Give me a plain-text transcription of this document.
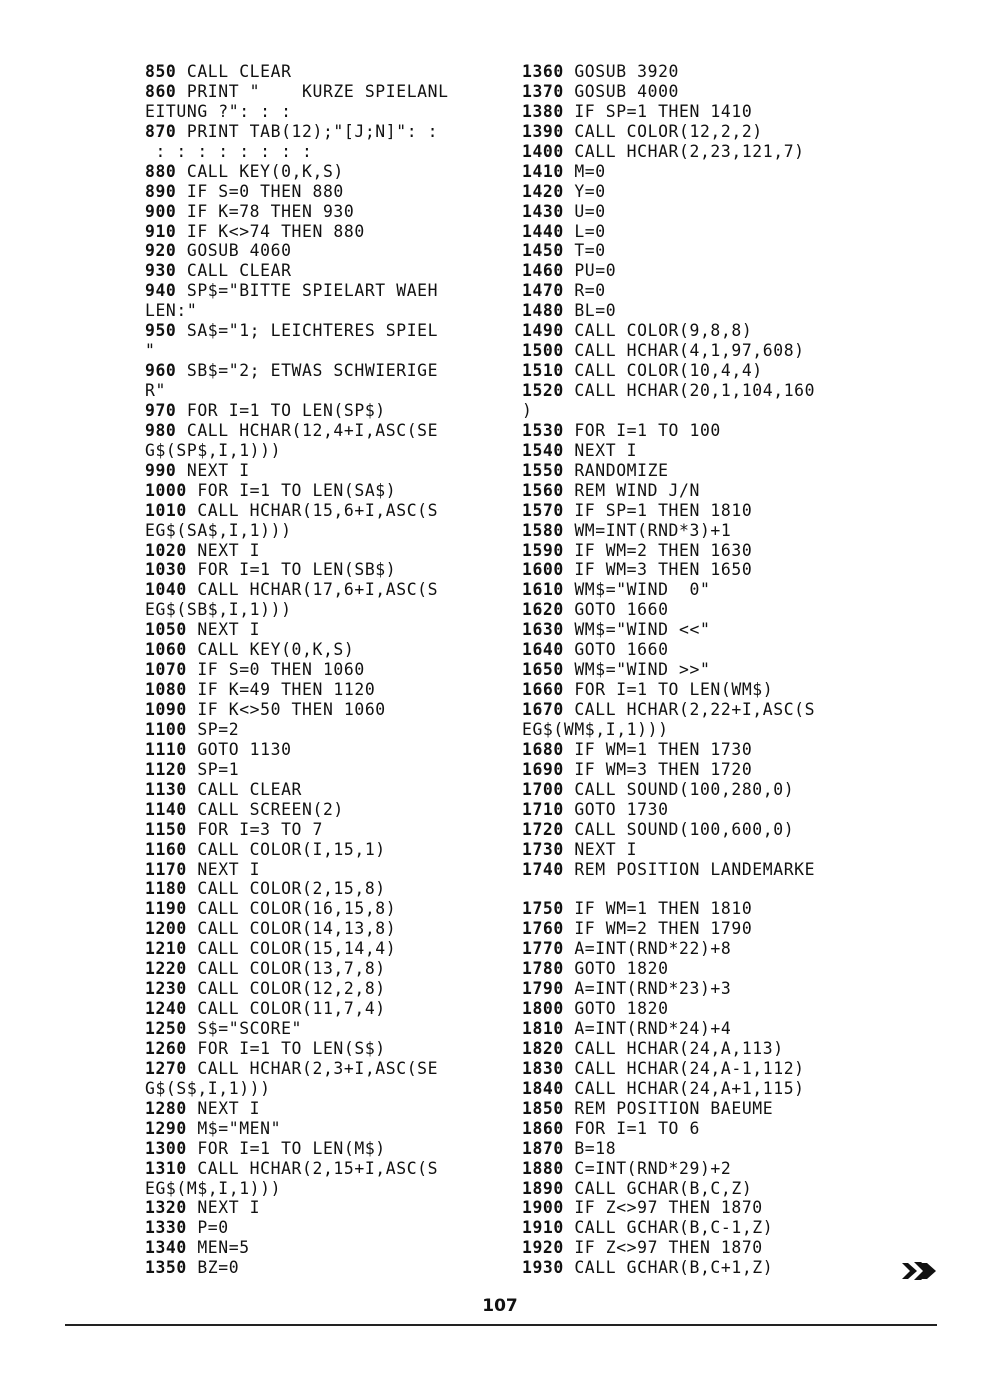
850 CALL CLEAR
860 PRINT "    KURZE SPIELANL
EITUNG ?": : :
870 PRINT TAB(12);"[J;N]": :
: : : : : : : :
880 CALL KEY(0,K,S)
890 IF S=0 THEN 880
900 IF K=78 THEN 930
910 IF K<>74 THEN 880
920 GOSUB 4060
930 CALL CLEAR
940 SP$="BITTE SPIELART WAEH
LEN:"
950 SA$="1; LEICHTERES SPIEL
"
960 SB$="2; ETWAS SCHWIERIGE
R"
970 FOR I=1 TO LEN(SP$)
980 CALL HCHAR(12,4+I,ASC(SE
G$(SP$,I,1)))
990 NEXT I
1000 FOR I=1 TO LEN(SA$)
1010 CALL HCHAR(15,6+I,ASC(S
EG$(SA$,I,1)))
1020 NEXT I
1030 FOR I=1 TO LEN(SB$)
1040 CALL HCHAR(17,6+I,ASC(S
EG$(SB$,I,1)))
1050 NEXT I
1060 CALL KEY(0,K,S)
1070 IF S=0 THEN 1060
1080 IF K=49 THEN 1120
1090 IF K<>50 THEN 1060
1100 SP=2
1110 GOTO 1130
1120 SP=1
1130 CALL CLEAR
1140 CALL SCREEN(2)
1150 FOR I=3 TO 7
1160 CALL COLOR(I,15,1)
1170 NEXT I
1180 CALL COLOR(2,15,8)
1190 CALL COLOR(16,15,8)
1200 CALL COLOR(14,13,8)
1210 CALL COLOR(15,14,4)
1220 CALL COLOR(13,7,8)
1230 CALL COLOR(12,2,8)
1240 CALL COLOR(11,7,4)
1250 S$="SCORE"
1260 FOR I=1 TO LEN(S$)
1270 CALL HCHAR(2,3+I,ASC(SE
G$(S$,I,1)))
1280 NEXT I
1290 M$="MEN"
1300 FOR I=1 TO LEN(M$)
1310 CALL HCHAR(2,15+I,ASC(S
EG$(M$,I,1)))
1320 NEXT I
1330 P=0
1340 MEN=5
1350 BZ=0
1360 GOSUB 3920
1370 GOSUB 4000
1380 IF SP=1 THEN 1410
1390 CALL COLOR(12,2,2)
1400 CALL HCHAR(2,23,121,7)
1410 M=0
1420 Y=0
1430 U=0
1440 L=0
1450 T=0
1460 PU=0
1470 R=0
1480 BL=0
1490 CALL COLOR(9,8,8)
1500 CALL HCHAR(4,1,97,608)
1510 CALL COLOR(10,4,4)
1520 CALL HCHAR(20,1,104,160
)
1530 FOR I=1 TO 100
1540 NEXT I
1550 RANDOMIZE
1560 REM WIND J/N
1570 IF SP=1 THEN 1810
1580 WM=INT(RND*3)+1
1590 IF WM=2 THEN 1630
1600 IF WM=3 THEN 1650
1610 WM$="WIND  0"
1620 GOTO 1660
1630 WM$="WIND <<"
1640 GOTO 1660
1650 WM$="WIND >>"
1660 FOR I=1 TO LEN(WM$)
1670 CALL HCHAR(2,22+I,ASC(S
EG$(WM$,I,1)))
1680 IF WM=1 THEN 1730
1690 IF WM=3 THEN 1720
1700 CALL SOUND(100,280,0)
1710 GOTO 1730
1720 CALL SOUND(100,600,0)
1730 NEXT I
1740 REM POSITION LANDEMARKE
1750 IF WM=1 THEN 1810
1760 IF WM=2 THEN 1790
1770 A=INT(RND*22)+8
1780 GOTO 1820
1790 A=INT(RND*23)+3
1800 GOTO 1820
1810 A=INT(RND*24)+4
1820 CALL HCHAR(24,A,113)
1830 CALL HCHAR(24,A-1,112)
1840 CALL HCHAR(24,A+1,115)
1850 REM POSITION BAEUME
1860 FOR I=1 TO 6
1870 B=18
1880 C=INT(RND*29)+2
1890 CALL GCHAR(B,C,Z)
1900 IF Z<>97 THEN 1870
1910 CALL GCHAR(B,C-1,Z)
1920 IF Z<>97 THEN 1870
1930 CALL GCHAR(B,C+1,Z)
107
